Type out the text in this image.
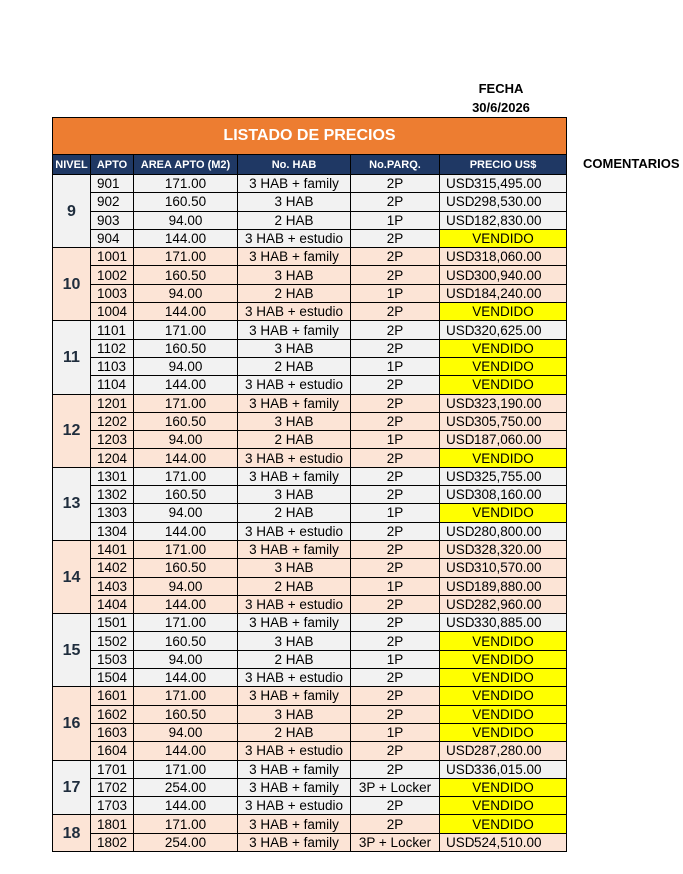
FECHA
30/6/2026
COMENTARIOS
LISTADO DE PRECIOS					
NIVEL	APTO	AREA APTO (M2)	No. HAB	No.PARQ.	PRECIO US$
9	901	171.00	3 HAB + family	2P	USD315,495.00
	902	160.50	3 HAB	2P	USD298,530.00
	903	94.00	2 HAB	1P	USD182,830.00
	904	144.00	3 HAB + estudio	2P	VENDIDO
10	1001	171.00	3 HAB + family	2P	USD318,060.00
	1002	160.50	3 HAB	2P	USD300,940.00
	1003	94.00	2 HAB	1P	USD184,240.00
	1004	144.00	3 HAB + estudio	2P	VENDIDO
11	1101	171.00	3 HAB + family	2P	USD320,625.00
	1102	160.50	3 HAB	2P	VENDIDO
	1103	94.00	2 HAB	1P	VENDIDO
	1104	144.00	3 HAB + estudio	2P	VENDIDO
12	1201	171.00	3 HAB + family	2P	USD323,190.00
	1202	160.50	3 HAB	2P	USD305,750.00
	1203	94.00	2 HAB	1P	USD187,060.00
	1204	144.00	3 HAB + estudio	2P	VENDIDO
13	1301	171.00	3 HAB + family	2P	USD325,755.00
	1302	160.50	3 HAB	2P	USD308,160.00
	1303	94.00	2 HAB	1P	VENDIDO
	1304	144.00	3 HAB + estudio	2P	USD280,800.00
14	1401	171.00	3 HAB + family	2P	USD328,320.00
	1402	160.50	3 HAB	2P	USD310,570.00
	1403	94.00	2 HAB	1P	USD189,880.00
	1404	144.00	3 HAB + estudio	2P	USD282,960.00
15	1501	171.00	3 HAB + family	2P	USD330,885.00
	1502	160.50	3 HAB	2P	VENDIDO
	1503	94.00	2 HAB	1P	VENDIDO
	1504	144.00	3 HAB + estudio	2P	VENDIDO
16	1601	171.00	3 HAB + family	2P	VENDIDO
	1602	160.50	3 HAB	2P	VENDIDO
	1603	94.00	2 HAB	1P	VENDIDO
	1604	144.00	3 HAB + estudio	2P	USD287,280.00
17	1701	171.00	3 HAB + family	2P	USD336,015.00
	1702	254.00	3 HAB + family	3P + Locker	VENDIDO
	1703	144.00	3 HAB + estudio	2P	VENDIDO
18	1801	171.00	3 HAB + family	2P	VENDIDO
	1802	254.00	3 HAB + family	3P + Locker	USD524,510.00
